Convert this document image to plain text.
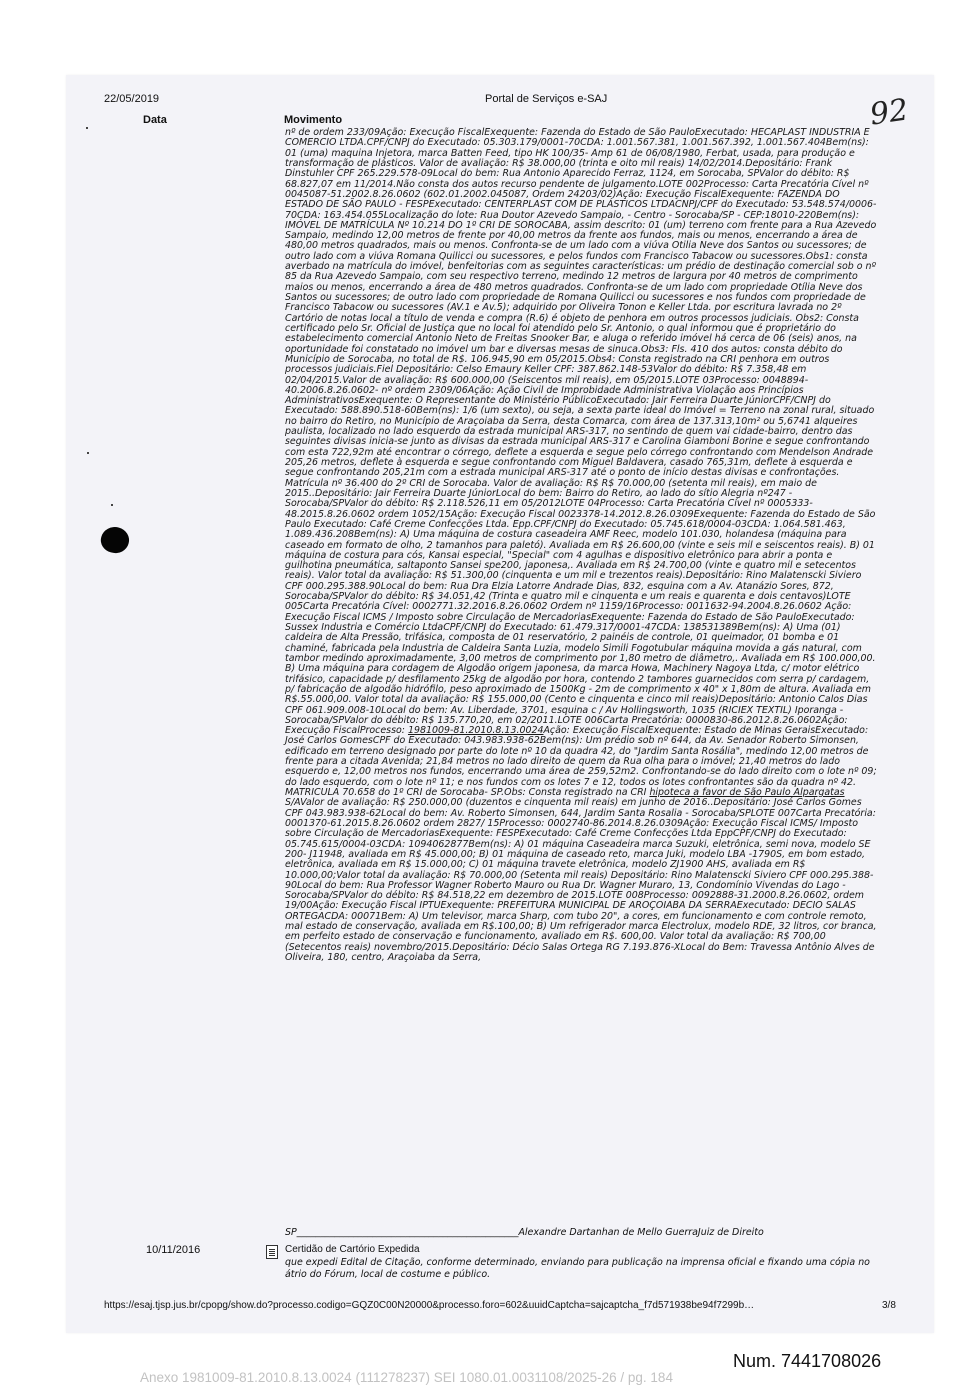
22/05/2019	Portal de Serviços e-SAJ	92
Data	Movimento
nº de ordem 233/09Ação: Execução FiscalExequente: Fazenda do Estado de São PauloExecutado: HECAPLAST INDUSTRIA E COMERCIO LTDA.CPF/CNPJ do Executado: 05.303.179/0001-70CDA: 1.001.567.381, 1.001.567.392, 1.001.567.404Bem(ns): 01 (uma) maquina Injetora, marca Batten Feed, tipo HK 100/35- Amp 61 de 06/08/1980, Ferbat, usada, para produção e transformação de plásticos. Valor de avaliação: R$ 38.000,00 (trinta e oito mil reais) 14/02/2014.Depositário: Frank Dinstuhler CPF 265.229.578-09Local do bem: Rua Antonio Aparecido Ferraz, 1124, em Sorocaba, SPValor do débito: R$ 68.827,07 em 11/2014.Não consta dos autos recurso pendente de julgamento.LOTE 002Processo: Carta Precatória Cível nº 0045087-51.2002.8.26.0602 (602.01.2002.045087, Ordem 24203/02)Ação: Execução FiscalExequente: FAZENDA DO ESTADO DE SÃO PAULO - FESPExecutado: CENTERPLAST COM DE PLÁSTICOS LTDACNPJ/CPF do Executado: 53.548.574/0006-70CDA: 163.454.055Localização do lote: Rua Doutor Azevedo Sampaio, - Centro - Sorocaba/SP - CEP:18010-220Bem(ns): IMÓVEL DE MATRÍCULA Nº 10.214 DO 1º CRI DE SOROCABA, assim descrito: 01 (um) terreno com frente para a Rua Azevedo Sampaio, medindo 12,00 metros de frente por 40,00 metros da frente aos fundos, mais ou menos, encerrando a área de 480,00 metros quadrados, mais ou menos. Confronta-se de um lado com a viúva Otilia Neve dos Santos ou sucessores; de outro lado com a viúva Romana Quilicci ou sucessores, e pelos fundos com Francisco Tabacow ou sucessores.Obs1: consta averbado na matrícula do imóvel, benfeitorias com as seguintes características: um prédio de destinação comercial sob o nº 85 da Rua Azevedo Sampaio, com seu respectivo terreno, medindo 12 metros de largura por 40 metros de comprimento maios ou menos, encerrando a área de 480 metros quadrados. Confronta-se de um lado com propriedade Otília Neve dos Santos ou sucessores; de outro lado com propriedade de Romana Quilicci ou sucessores e nos fundos com propriedade de Francisco Tabacow ou sucessores (AV.1 e Av.5); adquirido por Oliveira Tonon e Keller Ltda. por escritura lavrada no 2º Cartório de notas local a título de venda e compra (R.6) é objeto de penhora em outros processos judiciais. Obs2: Consta certificado pelo Sr. Oficial de Justiça que no local foi atendido pelo Sr. Antonio, o qual informou que é proprietário do estabelecimento comercial Antonio Neto de Freitas Snooker Bar, e aluga o referido imóvel há cerca de 06 (seis) anos, na oportunidade foi constatado no imóvel um bar e diversas mesas de sinuca.Obs3: Fls. 410 dos autos: consta débito do Município de Sorocaba, no total de R$. 106.945,90 em 05/2015.Obs4: Consta registrado na CRI penhora em outros processos judiciais.Fiel Depositário: Celso Emaury Keller CPF: 387.862.148-53Valor do débito: R$ 7.358,48 em 02/04/2015.Valor de avaliação: R$ 600.000,00 (Seiscentos mil reais), em 05/2015.LOTE 03Processo: 0048894-40.2006.8.26.0602- nº ordem 2309/06Ação: Ação Civil de Improbidade Administrativa Violação aos Princípios AdministrativosExequente: O Representante do Ministério PúblicoExecutado: Jair Ferreira Duarte JúniorCPF/CNPJ do Executado: 588.890.518-60Bem(ns): 1/6 (um sexto), ou seja, a sexta parte ideal do Imóvel = Terreno na zonal rural, situado no bairro do Retiro, no Município de Araçoiaba da Serra, desta Comarca, com área de 137.313,10m² ou 5,6741 alqueires paulista, localizado no lado esquerdo da estrada municipal ARS-317, no sentindo de quem vai cidade-bairro, dentro das seguintes divisas inicia-se junto as divisas da estrada municipal ARS-317 e Carolina Giamboni Borine e segue confrontando com esta 722,92m até encontrar o córrego, deflete a esquerda e segue pelo córrego confrontando com Mendelson Andrade 205,26 metros, deflete à esquerda e segue confrontando com Miguel Baldavera, casado 765,31m, deflete à esquerda e segue confrontando 205,21m com a estrada municipal ARS-317 até o ponto de início destas divisas e confrontações. Matrícula nº 36.400 do 2º CRI de Sorocaba. Valor de avaliação: R$ R$ 70.000,00 (setenta mil reais), em maio de 2015..Depositário: Jair Ferreira Duarte JúniorLocal do bem: Bairro do Retiro, ao lado do sítio Alegria nº247 - Sorocaba/SPValor do débito: R$ 2.118.526,11 em 05/2012LOTE 04Processo: Carta Precatória Cível nº 0005333-48.2015.8.26.0602 ordem 1052/15Ação: Execução Fiscal 0023378-14.2012.8.26.0309Exequente: Fazenda do Estado de São Paulo Executado: Café Creme Confecções Ltda. Epp.CPF/CNPJ do Executado: 05.745.618/0004-03CDA: 1.064.581.463, 1.089.436.208Bem(ns): A) Uma máquina de costura caseadeira AMF Reec, modelo 101.030, holandesa (máquina para caseado em formato de olho, 2 tamanhos para paletó). Avaliada em R$ 26.600,00 (vinte e seis mil e seiscentos reais). B) 01 máquina de costura para cós, Kansai especial, "Special" com 4 agulhas e dispositivo eletrônico para abrir a ponta e guilhotina pneumática, saltaponto Sansei spe200, japonesa,. Avaliada em R$ 24.700,00 (vinte e quatro mil e setecentos reais). Valor total da avaliação: R$ 51.300,00 (cinquenta e um mil e trezentos reais).Depositário: Rino Malatenscki Siviero CPF 000.295.388.90Local do bem: Rua Dra Elzia Latorre Andrade Dias, 832, esquina com a Av. Atanázio Sores, 872, Sorocaba/SPValor do débito: R$ 34.051,42 (Trinta e quatro mil e cinquenta e um reais e quarenta e dois centavos)LOTE 005Carta Precatória Cível: 0002771.32.2016.8.26.0602 Ordem nº 1159/16Processo: 0011632-94.2004.8.26.0602 Ação: Execução Fiscal ICMS / Imposto sobre Circulação de MercadoriasExequente: Fazenda do Estado de São PauloExecutado: Sussex Industria e Comércio LtdaCPF/CNPJ do Executado: 61.479.317/0001-47CDA: 138531389Bem(ns): A) Uma (01) caldeira de Alta Pressão, trifásica, composta de 01 reservatório, 2 painéis de controle, 01 queimador, 01 bomba e 01 chaminé, fabricada pela Industria de Caldeira Santa Luzia, modelo Simili Fogotubular máquina movida a gás natural, com tambor medindo aproximadamente, 3,00 metros de comprimento por 1,80 metro de diâmetro,. Avaliada em R$ 100.000,00. B) Uma máquina para cordagem de Algodão origem japonesa, da marca Howa, Machinery Nagoya Ltda, c/ motor elétrico trifásico, capacidade p/ desfilamento 25kg de algodão por hora, contendo 2 tambores guarnecidos com serra p/ cardagem, p/ fabricação de algodão hidrófilo, peso aproximado de 1500Kg - 2m de comprimento x 40" x 1,80m de altura. Avaliada em R$.55.000,00. Valor total da avaliação: R$ 155.000,00 (Cento e cinquenta e cinco mil reais)Depositário: Antonio Calos Dias CPF 061.909.008-10Local do bem: Av. Liberdade, 3701, esquina c / Av Hollingsworth, 1035 (RICIEX TEXTIL) Iporanga - Sorocaba/SPValor do débito: R$ 135.770,20, em 02/2011.LOTE 006Carta Precatória: 0000830-86.2012.8.26.0602Ação: Execução FiscalProcesso: 1981009-81.2010.8.13.0024Ação: Execução FiscalExequente: Estado de Minas GeraisExecutado: José Carlos GomesCPF do Executado: 043.983.938-62Bem(ns): Um prédio sob nº 644, da Av. Senador Roberto Simonsen, edificado em terreno designado por parte do lote nº 10 da quadra 42, do "Jardim Santa Rosália", medindo 12,00 metros de frente para a citada Avenida; 21,84 metros no lado direito de quem da Rua olha para o imóvel; 21,40 metros do lado esquerdo e, 12,00 metros nos fundos, encerrando uma área de 259,52m2. Confrontando-se do lado direito com o lote nº 09; do lado esquerdo, com o lote nº 11; e nos fundos com os lotes 7 e 12, todos os lotes confrontantes são da quadra nº 42. MATRICULA 70.658 do 1º CRI de Sorocaba- SP.Obs: Consta registrado na CRI hipoteca a favor de São Paulo Alpargatas S/AValor de avaliação: R$ 250.000,00 (duzentos e cinquenta mil reais) em junho de 2016..Depositário: José Carlos Gomes CPF 043.983.938-62Local do bem: Av. Roberto Simonsen, 644, Jardim Santa Rosalia - Sorocaba/SPLOTE 007Carta Precatória: 0001370-61.2015.8.26.0602 ordem 2827/ 15Processo: 0002740-86.2014.8.26.0309Ação: Execução Fiscal ICMS/ Imposto sobre Circulação de MercadoriasExequente: FESPExecutado: Café Creme Confecções Ltda EppCPF/CNPJ do Executado: 05.745.615/0004-03CDA: 1094062877Bem(ns): A) 01 máquina Caseadeira marca Suzuki, eletrônica, semi nova, modelo SE 200- J11948, avaliada em R$ 45.000,00; B) 01 máquina de caseado reto, marca Juki, modelo LBA -1790S, em bom estado, eletrônica, avaliada em R$ 15.000,00; C) 01 máquina travete eletrônica, modelo ZJ1900 AHS, avaliada em R$ 10.000,00;Valor total da avaliação: R$ 70.000,00 (Setenta mil reais) Depositário: Rino Malatenscki Siviero CPF 000.295.388-90Local do bem: Rua Professor Wagner Roberto Mauro ou Rua Dr. Wagner Muraro, 13, Condomínio Vivendas do Lago - Sorocaba/SPValor do débito: R$ 84.518,22 em dezembro de 2015.LOTE 008Processo: 0092888-31.2000.8.26.0602, ordem 19/00Ação: Execução Fiscal IPTUExequente: PREFEITURA MUNICIPAL DE AROÇOIABA DA SERRAExecutado: DECIO SALAS ORTEGACDA: 00071Bem: A) Um televisor, marca Sharp, com tubo 20", a cores, em funcionamento e com controle remoto, mal estado de conservação, avaliada em R$.100,00; B) Um refrigerador marca Electrolux, modelo RDE, 32 litros, cor branca, em perfeito estado de conservação e funcionamento, avaliado em R$. 600,00. Valor total da avaliação: R$ 700,00 (Setecentos reais) novembro/2015.Depositário: Décio Salas Ortega RG 7.193.876-XLocal do Bem: Travessa Antônio Alves de Oliveira, 180, centro, Araçoiaba da Serra,
SP_______________________________________________Alexandre Dartanhan de Mello GuerraJuiz de Direito
10/11/2016	Certidão de Cartório Expedida
que expedi Edital de Citação, conforme determinado, enviando para publicação na imprensa oficial e fixando uma cópia no átrio do Fórum, local de costume e público.
https://esaj.tjsp.jus.br/cpopg/show.do?processo.codigo=GQZ0C00N20000&processo.foro=602&uuidCaptcha=sajcaptcha_f7d571938be94f7299b…	3/8
Num. 7441708026
Anexo 1981009-81.2010.8.13.0024 (111278237) SEI 1080.01.0031108/2025-26 / pg. 184
